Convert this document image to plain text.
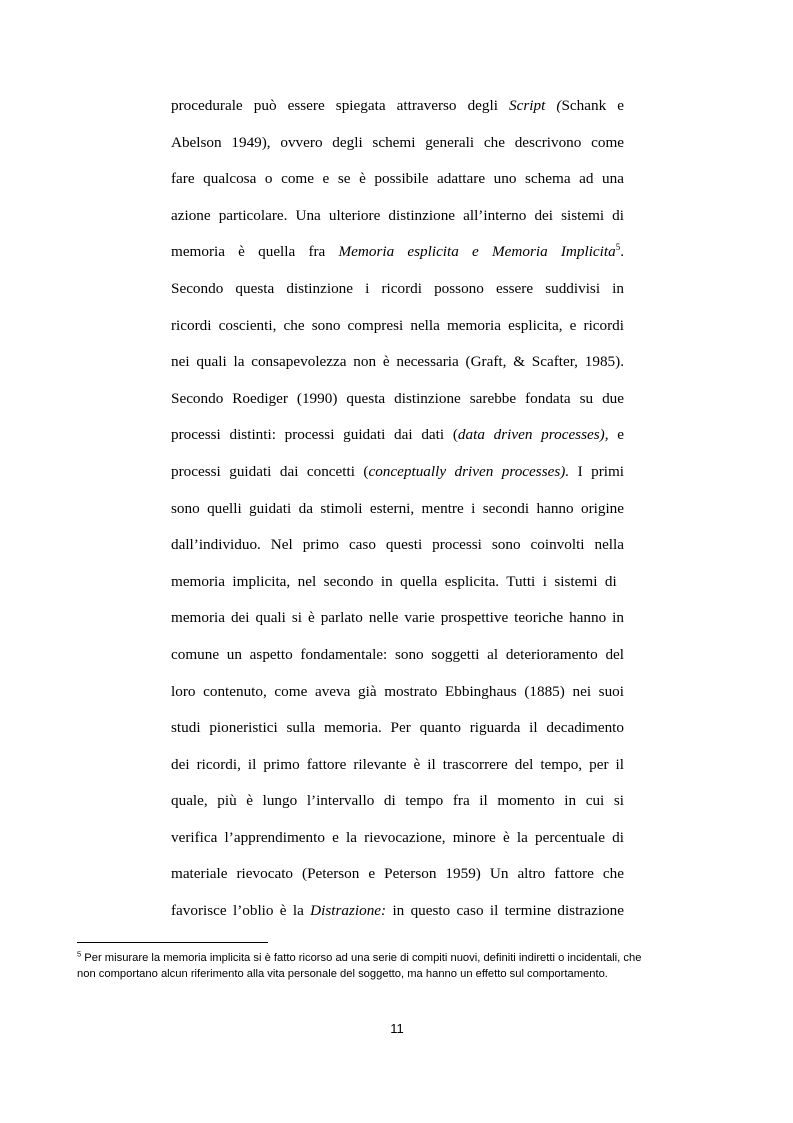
procedurale può essere spiegata attraverso degli Script (Schank e
Abelson 1949), ovvero degli schemi generali che descrivono come
fare qualcosa o come e se è possibile adattare uno schema ad una
azione particolare. Una ulteriore distinzione all’interno dei sistemi di
memoria è quella fra Memoria esplicita e Memoria Implicita$^5$.
Secondo questa distinzione i ricordi possono essere suddivisi in
ricordi coscienti, che sono compresi nella memoria esplicita, e ricordi
nei quali la consapevolezza non è necessaria (Graft, & Scafter, 1985).
Secondo Roediger (1990) questa distinzione sarebbe fondata su due
processi distinti: processi guidati dai dati (data driven processes), e
processi guidati dai concetti (conceptually driven processes). I primi
sono quelli guidati da stimoli esterni, mentre i secondi hanno origine
dall’individuo. Nel primo caso questi processi sono coinvolti nella
memoria implicita, nel secondo in quella esplicita. Tutti i sistemi di
memoria dei quali si è parlato nelle varie prospettive teoriche hanno in
comune un aspetto fondamentale: sono soggetti al deterioramento del
loro contenuto, come aveva già mostrato Ebbinghaus (1885) nei suoi
studi pioneristici sulla memoria. Per quanto riguarda il decadimento
dei ricordi, il primo fattore rilevante è il trascorrere del tempo, per il
quale, più è lungo l’intervallo di tempo fra il momento in cui si
verifica l’apprendimento e la rievocazione, minore è la percentuale di
materiale rievocato (Peterson e Peterson 1959) Un altro fattore che
favorisce l’oblio è la Distrazione: in questo caso il termine distrazione
$^5$ Per misurare la memoria implicita si è fatto ricorso ad una serie di compiti nuovi, definiti indiretti o incidentali, che
non comportano alcun riferimento alla vita personale del soggetto, ma hanno un effetto sul comportamento.
11
